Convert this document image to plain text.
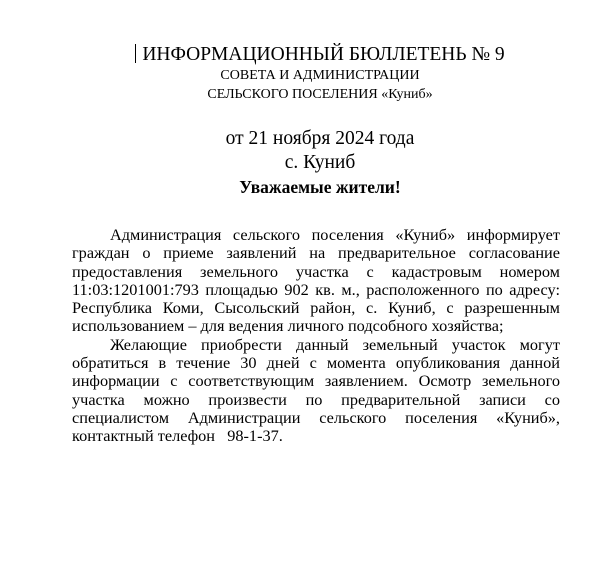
ИНФОРМАЦИОННЫЙ БЮЛЛЕТЕНЬ № 9
СОВЕТА И АДМИНИСТРАЦИИ
СЕЛЬСКОГО ПОСЕЛЕНИЯ «Куниб»
от 21 ноября 2024 года
с. Куниб
Уважаемые жители!

Администрация сельского поселения «Куниб» информирует граждан о приеме заявлений на предварительное согласование предоставления земельного участка с кадастровым номером 11:03:1201001:793 площадью 902 кв. м., расположенного по адресу: Республика Коми, Сысольский район, с. Куниб, с разрешенным использованием – для ведения личного подсобного хозяйства;

Желающие приобрести данный земельный участок могут обратиться в течение 30 дней с момента опубликования данной информации с соответствующим заявлением. Осмотр земельного участка можно произвести по предварительной записи со специалистом Администрации сельского поселения «Куниб», контактный телефон   98-1-37.
